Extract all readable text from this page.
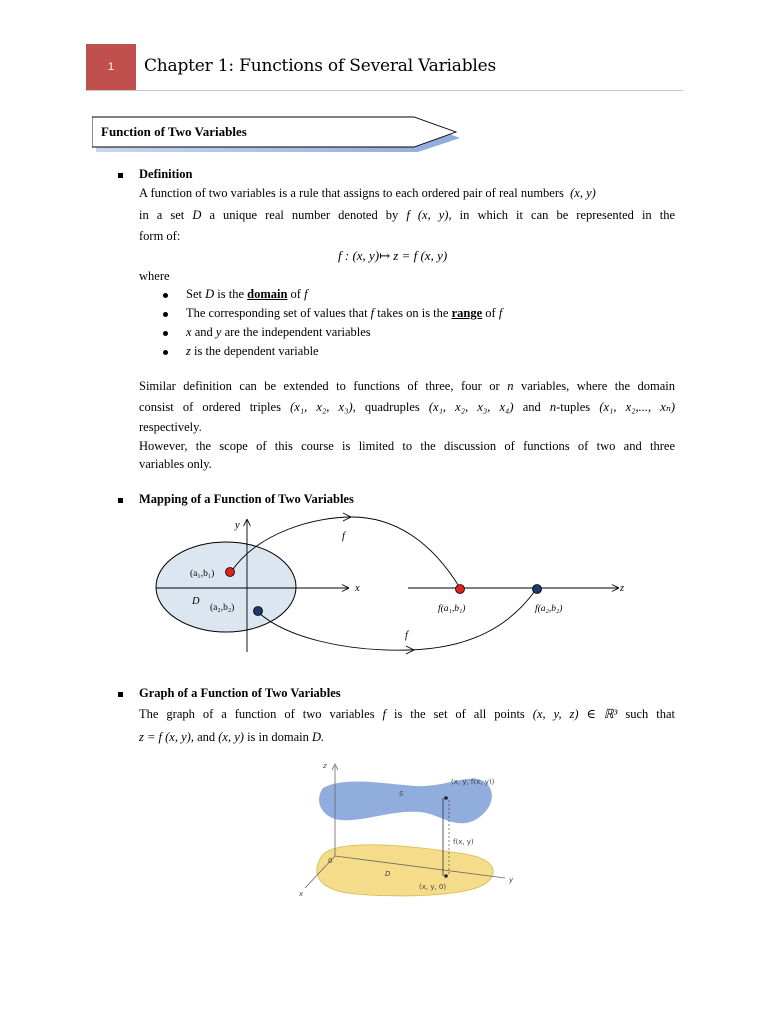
1 Chapter 1: Functions of Several Variables
Function of Two Variables
Definition
A function of two variables is a rule that assigns to each ordered pair of real numbers (x, y)
in a set D a unique real number denoted by f (x, y), in which it can be represented in the
form of:
f : (x, y)↦ z = f (x, y)
where
Set D is the domain of f
The corresponding set of values that f takes on is the range of f
x and y are the independent variables
z is the dependent variable
Similar definition can be extended to functions of three, four or n variables, where the domain
consist of ordered triples (x₁, x₂, x₃), quadruples (x₁, x₂, x₃, x₄) and n-tuples (x₁, x₂,..., xₙ)
respectively.
However, the scope of this course is limited to the discussion of functions of two and three
variables only.
Mapping of a Function of Two Variables
y
x	z
f
f
D
(a₁,b₁)
(a₂,b₂)	f(a₁,b₁)	f(a₂,b₂)
Graph of a Function of Two Variables
The graph of a function of two variables f is the set of all points (x, y, z) ∈ ℝ³ such that
z = f (x, y), and (x, y) is in domain D.
z
x
y
0
S
D
(x, y, f(x, y))
f(x, y)
(x, y, 0)
